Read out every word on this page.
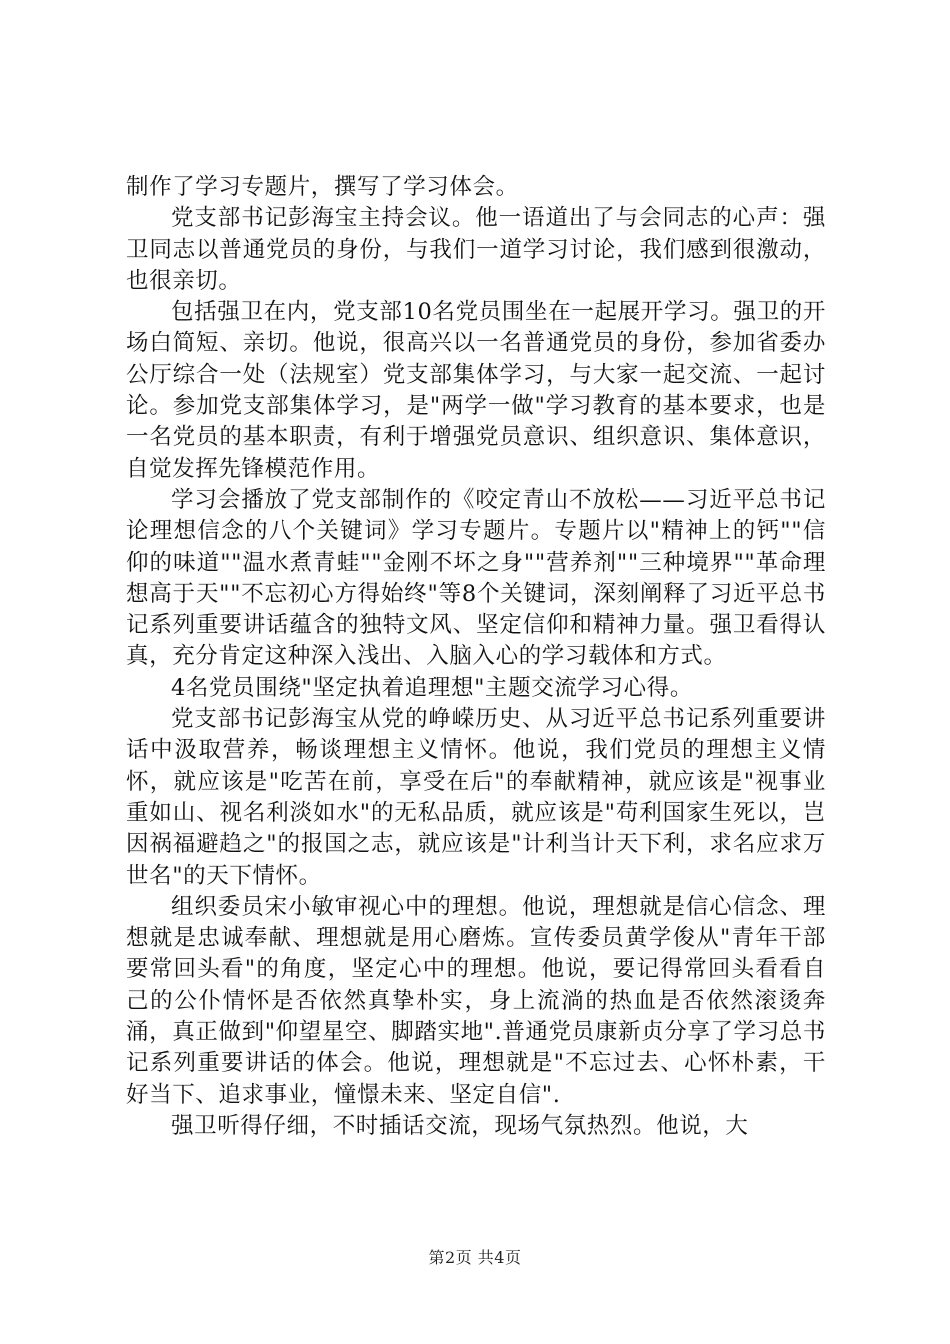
制作了学习专题片，撰写了学习体会。

党支部书记彭海宝主持会议。他一语道出了与会同志的心声：强卫同志以普通党员的身份，与我们一道学习讨论，我们感到很激动，也很亲切。

包括强卫在内，党支部10名党员围坐在一起展开学习。强卫的开场白简短、亲切。他说，很高兴以一名普通党员的身份，参加省委办公厅综合一处（法规室）党支部集体学习，与大家一起交流、一起讨论。参加党支部集体学习，是"两学一做"学习教育的基本要求，也是一名党员的基本职责，有利于增强党员意识、组织意识、集体意识，自觉发挥先锋模范作用。

学习会播放了党支部制作的《咬定青山不放松——习近平总书记论理想信念的八个关键词》学习专题片。专题片以"精神上的钙""信仰的味道""温水煮青蛙""金刚不坏之身""营养剂""三种境界""革命理想高于天""不忘初心方得始终"等8个关键词，深刻阐释了习近平总书记系列重要讲话蕴含的独特文风、坚定信仰和精神力量。强卫看得认真，充分肯定这种深入浅出、入脑入心的学习载体和方式。

4名党员围绕"坚定执着追理想"主题交流学习心得。

党支部书记彭海宝从党的峥嵘历史、从习近平总书记系列重要讲话中汲取营养，畅谈理想主义情怀。他说，我们党员的理想主义情怀，就应该是"吃苦在前，享受在后"的奉献精神，就应该是"视事业重如山、视名利淡如水"的无私品质，就应该是"苟利国家生死以，岂因祸福避趋之"的报国之志，就应该是"计利当计天下利，求名应求万世名"的天下情怀。

组织委员宋小敏审视心中的理想。他说，理想就是信心信念、理想就是忠诚奉献、理想就是用心磨炼。宣传委员黄学俊从"青年干部要常回头看"的角度，坚定心中的理想。他说，要记得常回头看看自己的公仆情怀是否依然真挚朴实，身上流淌的热血是否依然滚烫奔涌，真正做到"仰望星空、脚踏实地".普通党员康新贞分享了学习总书记系列重要讲话的体会。他说，理想就是"不忘过去、心怀朴素，干好当下、追求事业，憧憬未来、坚定自信".

强卫听得仔细，不时插话交流，现场气氛热烈。他说，大

第2页 共4页
